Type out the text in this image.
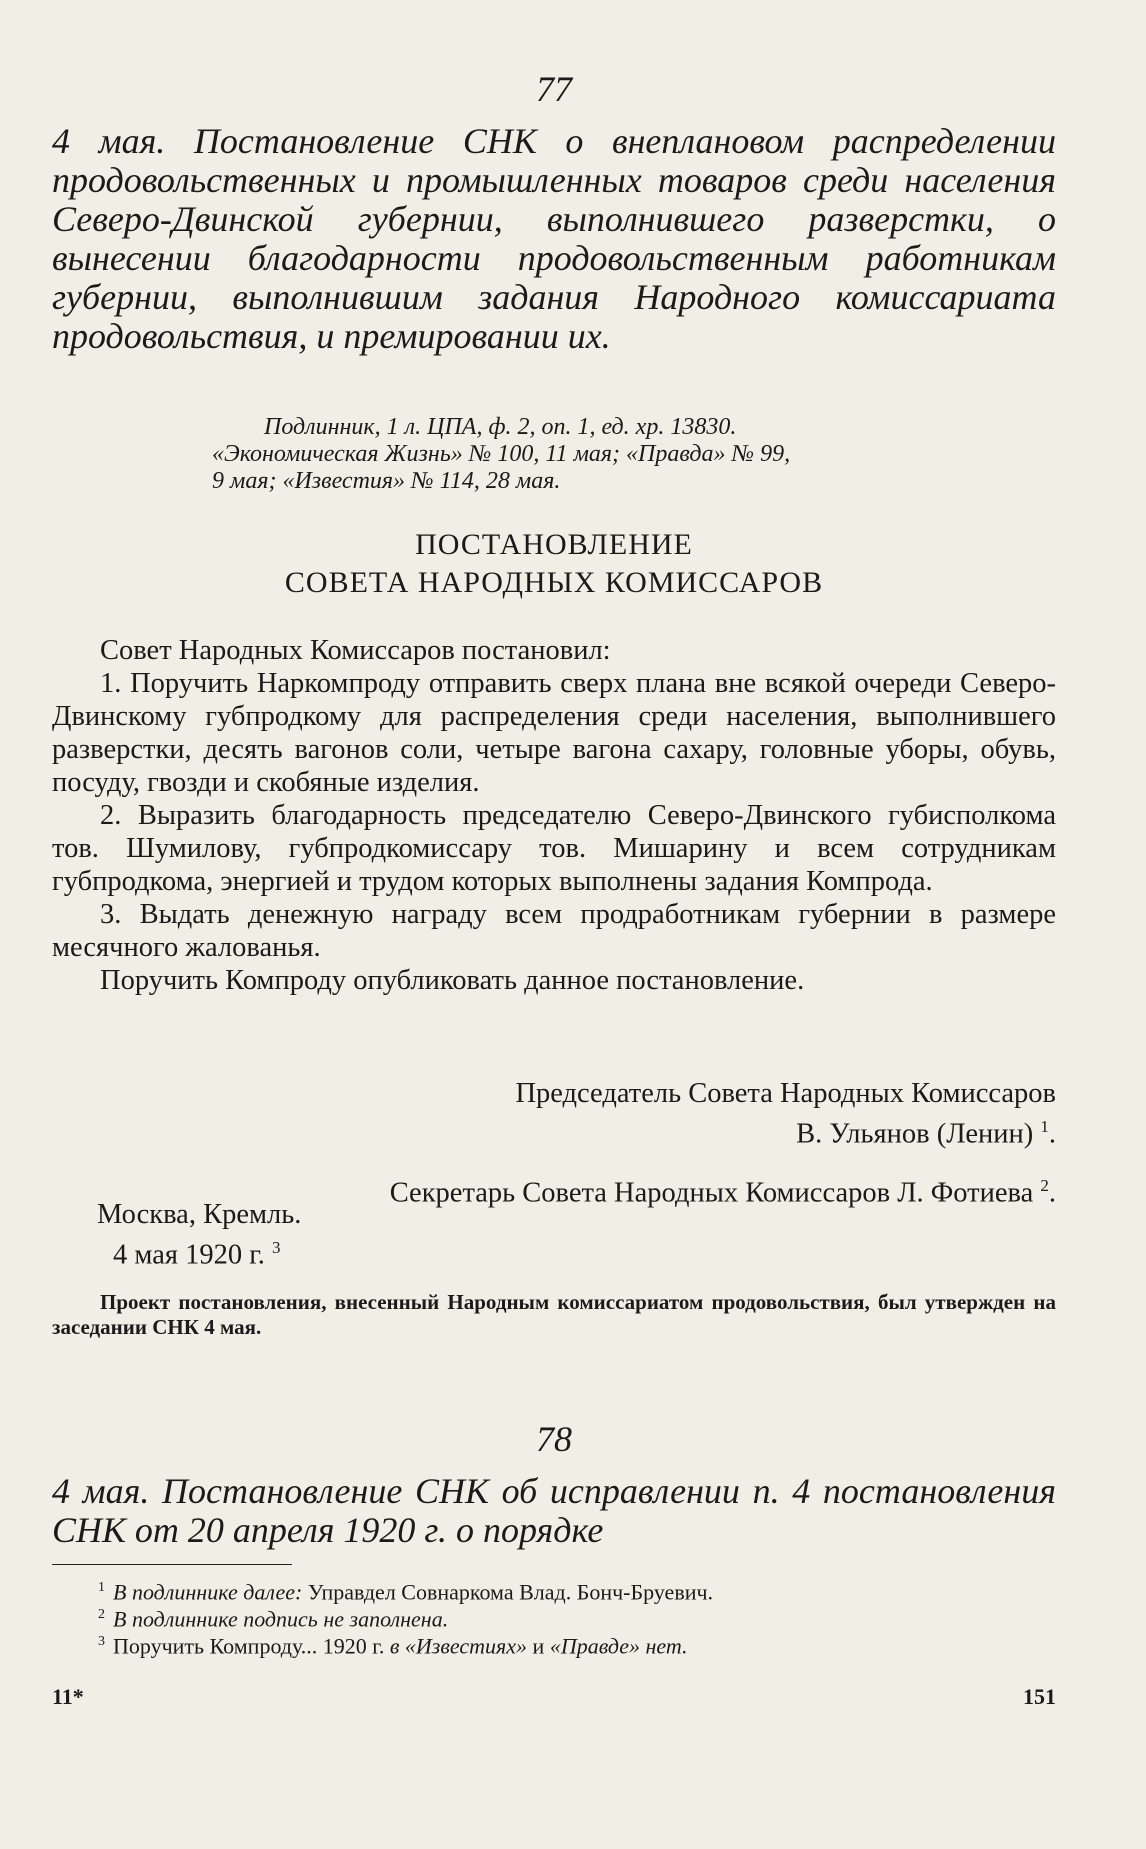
77
4 мая. Постановление СНК о внеплановом распределении продовольственных и промышленных товаров среди населения Северо-Двинской губернии, выполнившего разверстки, о вынесении благодарности продовольственным работникам губернии, выполнившим задания Народного комиссариата продовольствия, и премировании их.
Подлинник, 1 л. ЦПА, ф. 2, оп. 1, ед. хр. 13830.
«Экономическая Жизнь» № 100, 11 мая; «Правда» № 99,
9 мая; «Известия» № 114, 28 мая.
ПОСТАНОВЛЕНИЕ
СОВЕТА НАРОДНЫХ КОМИССАРОВ

Совет Народных Комиссаров постановил:

1. Поручить Наркомпроду отправить сверх плана вне всякой очереди Северо-Двинскому губпродкому для распределения среди населения, выполнившего разверстки, десять вагонов соли, четыре вагона сахару, головные уборы, обувь, посуду, гвозди и скобяные изделия.

2. Выразить благодарность председателю Северо-Двинского губисполкома тов. Шумилову, губпродкомиссару тов. Мишарину и всем сотрудникам губпродкома, энергией и трудом которых выполнены задания Компрода.

3. Выдать денежную награду всем продработникам губернии в размере месячного жалованья.

Поручить Компроду опубликовать данное постановление.

Председатель Совета Народных Комиссаров
В. Ульянов (Ленин) $^1$.
Секретарь Совета Народных Комиссаров Л. Фотиева $^2$.
Москва, Кремль.
4 мая 1920 г. $^3$
Проект постановления, внесенный Народным комиссариатом продовольствия, был утвержден на заседании СНК 4 мая.
78
4 мая. Постановление СНК об исправлении п. 4 постановления СНК от 20 апреля 1920 г. о порядке
$^1$ В подлиннике далее: Управдел Совнаркома Влад. Бонч-Бруевич.
$^2$ В подлиннике подпись не заполнена.
$^3$ Поручить Компроду... 1920 г. в «Известиях» и «Правде» нет.
11*	151
